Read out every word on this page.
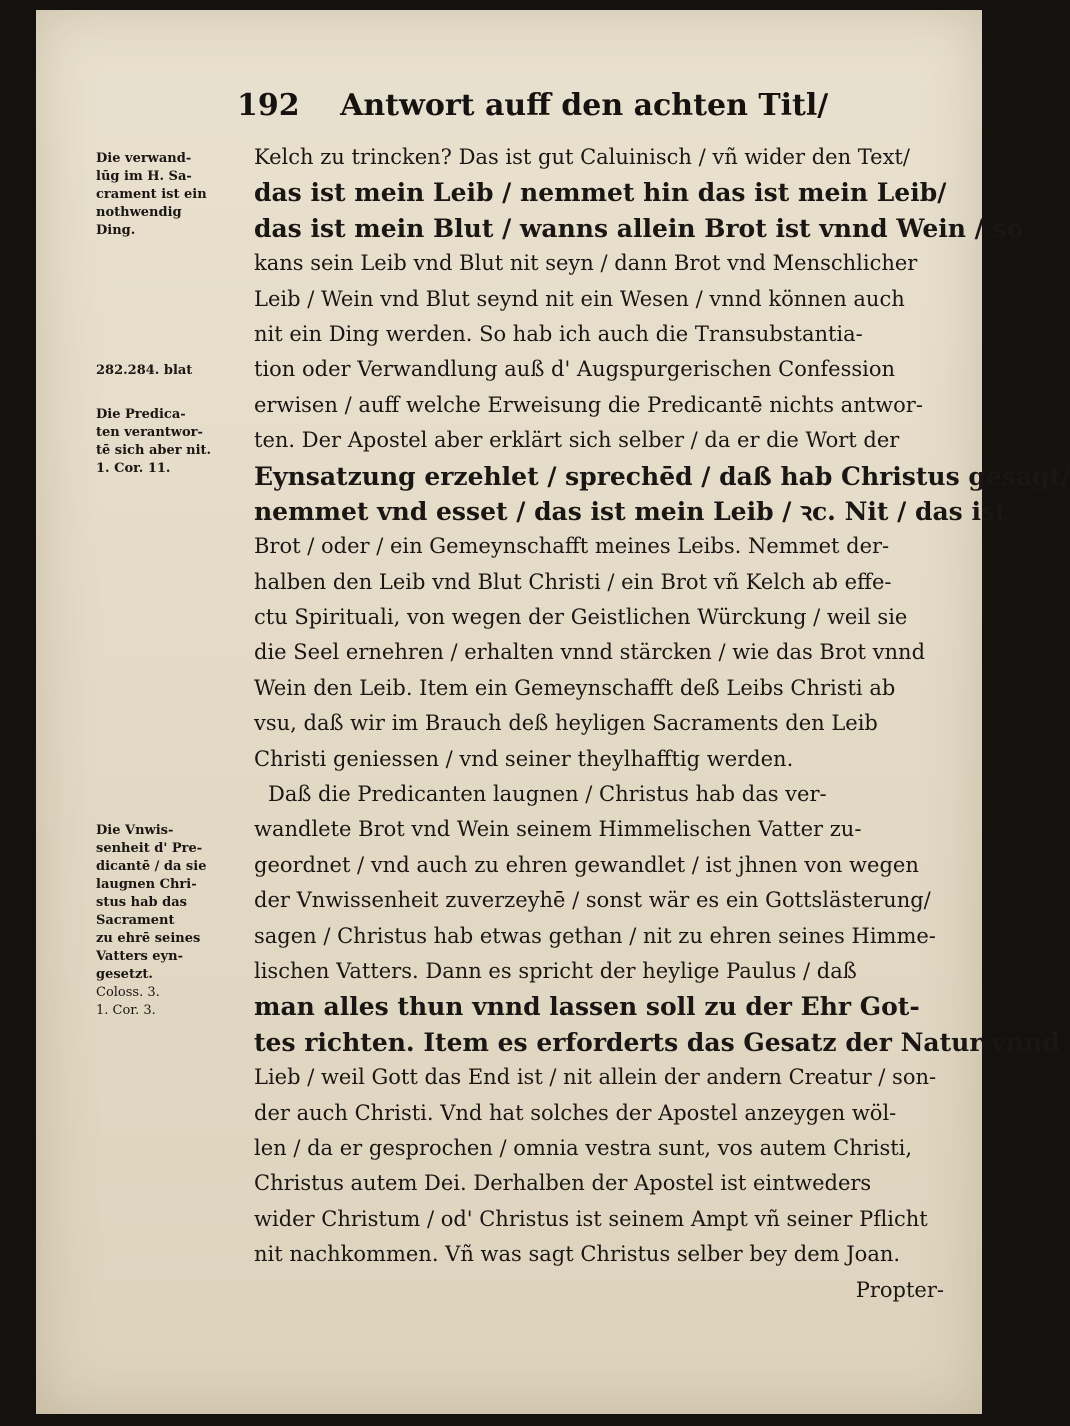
192 Antwort auff den achten Titl/
Die verwand-
lūg im H. Sa-
crament ist ein
nothwendig
Ding.
282.284. blat
Die Predica-
ten verantwor-
tē sich aber nit.
1. Cor. 11.
Die Vnwis-
senheit d' Pre-
dicantē / da sie
laugnen Chri-
stus hab das
Sacrament
zu ehrē seines
Vatters eyn-
gesetzt.
Coloss. 3.
1. Cor. 3.
Kelch zu trincken? Das ist gut Caluinisch / vñ wider den Text/
das ist mein Leib / nemmet hin das ist mein Leib/
das ist mein Blut / wanns allein Brot ist vnnd Wein / so
kans sein Leib vnd Blut nit seyn / dann Brot vnd Menschlicher
Leib / Wein vnd Blut seynd nit ein Wesen / vnnd können auch
nit ein Ding werden. So hab ich auch die Transubstantia-
tion oder Verwandlung auß d' Augspurgerischen Confession
erwisen / auff welche Erweisung die Predicantē nichts antwor-
ten. Der Apostel aber erklärt sich selber / da er die Wort der
Eynsatzung erzehlet / sprechēd / daß hab Christus gesagt/
nemmet vnd esset / das ist mein Leib / ꝛc. Nit / das ist
Brot / oder / ein Gemeynschafft meines Leibs. Nemmet der-
halben den Leib vnd Blut Christi / ein Brot vñ Kelch ab effe-
ctu Spirituali, von wegen der Geistlichen Würckung / weil sie
die Seel ernehren / erhalten vnnd stärcken / wie das Brot vnnd
Wein den Leib. Item ein Gemeynschafft deß Leibs Christi ab
vsu, daß wir im Brauch deß heyligen Sacraments den Leib
Christi geniessen / vnd seiner theylhafftig werden.
Daß die Predicanten laugnen / Christus hab das ver-
wandlete Brot vnd Wein seinem Himmelischen Vatter zu-
geordnet / vnd auch zu ehren gewandlet / ist jhnen von wegen
der Vnwissenheit zuverzeyhē / sonst wär es ein Gottslästerung/
sagen / Christus hab etwas gethan / nit zu ehren seines Himme-
lischen Vatters. Dann es spricht der heylige Paulus / daß
man alles thun vnnd lassen soll zu der Ehr Got-
tes richten. Item es erforderts das Gesatz der Natur vnnd
Lieb / weil Gott das End ist / nit allein der andern Creatur / son-
der auch Christi. Vnd hat solches der Apostel anzeygen wöl-
len / da er gesprochen / omnia vestra sunt, vos autem Christi,
Christus autem Dei. Derhalben der Apostel ist eintweders
wider Christum / od' Christus ist seinem Ampt vñ seiner Pflicht
nit nachkommen. Vñ was sagt Christus selber bey dem Joan.
Propter-
